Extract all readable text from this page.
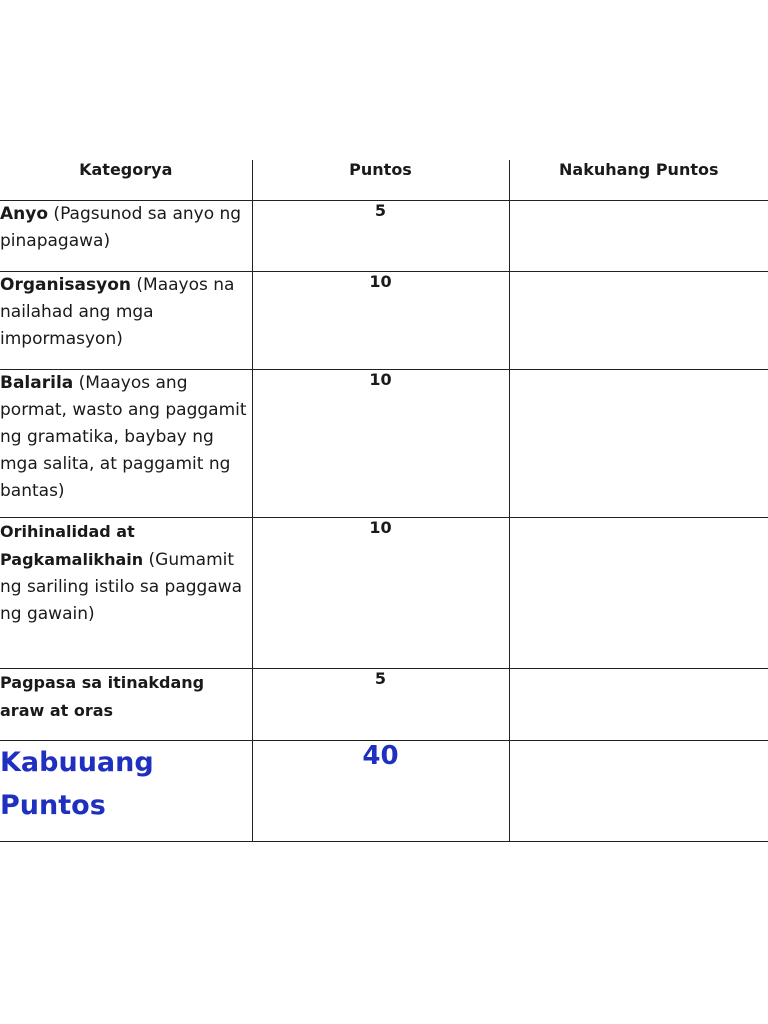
Kategorya	Puntos	Nakuhang Puntos
Anyo (Pagsunod sa anyo ng pinapagawa)	5	
Organisasyon (Maayos na nailahad ang mga impormasyon)	10	
Balarila (Maayos ang pormat, wasto ang paggamit ng gramatika, baybay ng mga salita, at paggamit ng bantas)	10	
Orihinalidad at Pagkamalikhain (Gumamit ng sariling istilo sa paggawa ng gawain)	10	
Pagpasa sa itinakdang araw at oras	5	
Kabuuang Puntos	40	
